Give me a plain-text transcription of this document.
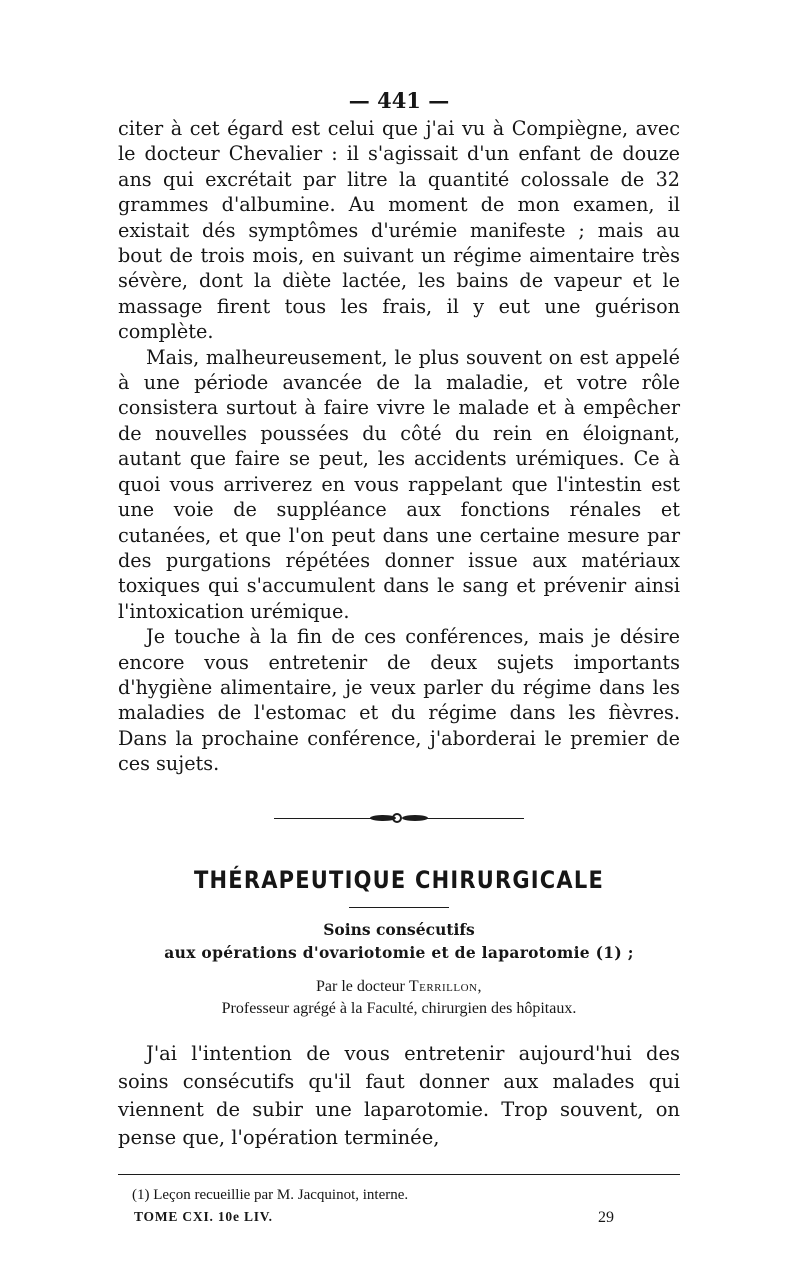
— 441 —

citer à cet égard est celui que j'ai vu à Compiègne, avec le docteur Chevalier : il s'agissait d'un enfant de douze ans qui excrétait par litre la quantité colossale de 32 grammes d'albumine. Au moment de mon examen, il existait dés symptômes d'urémie manifeste ; mais au bout de trois mois, en suivant un régime aimentaire très sévère, dont la diète lactée, les bains de vapeur et le massage firent tous les frais, il y eut une guérison complète.

Mais, malheureusement, le plus souvent on est appelé à une période avancée de la maladie, et votre rôle consistera surtout à faire vivre le malade et à empêcher de nouvelles poussées du côté du rein en éloignant, autant que faire se peut, les accidents urémiques. Ce à quoi vous arriverez en vous rappelant que l'intestin est une voie de suppléance aux fonctions rénales et cutanées, et que l'on peut dans une certaine mesure par des purgations répétées donner issue aux matériaux toxiques qui s'accumulent dans le sang et prévenir ainsi l'intoxication urémique.

Je touche à la fin de ces conférences, mais je désire encore vous entretenir de deux sujets importants d'hygiène alimentaire, je veux parler du régime dans les maladies de l'estomac et du régime dans les fièvres. Dans la prochaine conférence, j'aborderai le premier de ces sujets.

THÉRAPEUTIQUE CHIRURGICALE
Soins consécutifs
aux opérations d'ovariotomie et de laparotomie (1) ;
Par le docteur Terrillon,
Professeur agrégé à la Faculté, chirurgien des hôpitaux.

J'ai l'intention de vous entretenir aujourd'hui des soins consécutifs qu'il faut donner aux malades qui viennent de subir une laparotomie. Trop souvent, on pense que, l'opération terminée,

(1) Leçon recueillie par M. Jacquinot, interne.
TOME CXI. 10e LIV.	29
